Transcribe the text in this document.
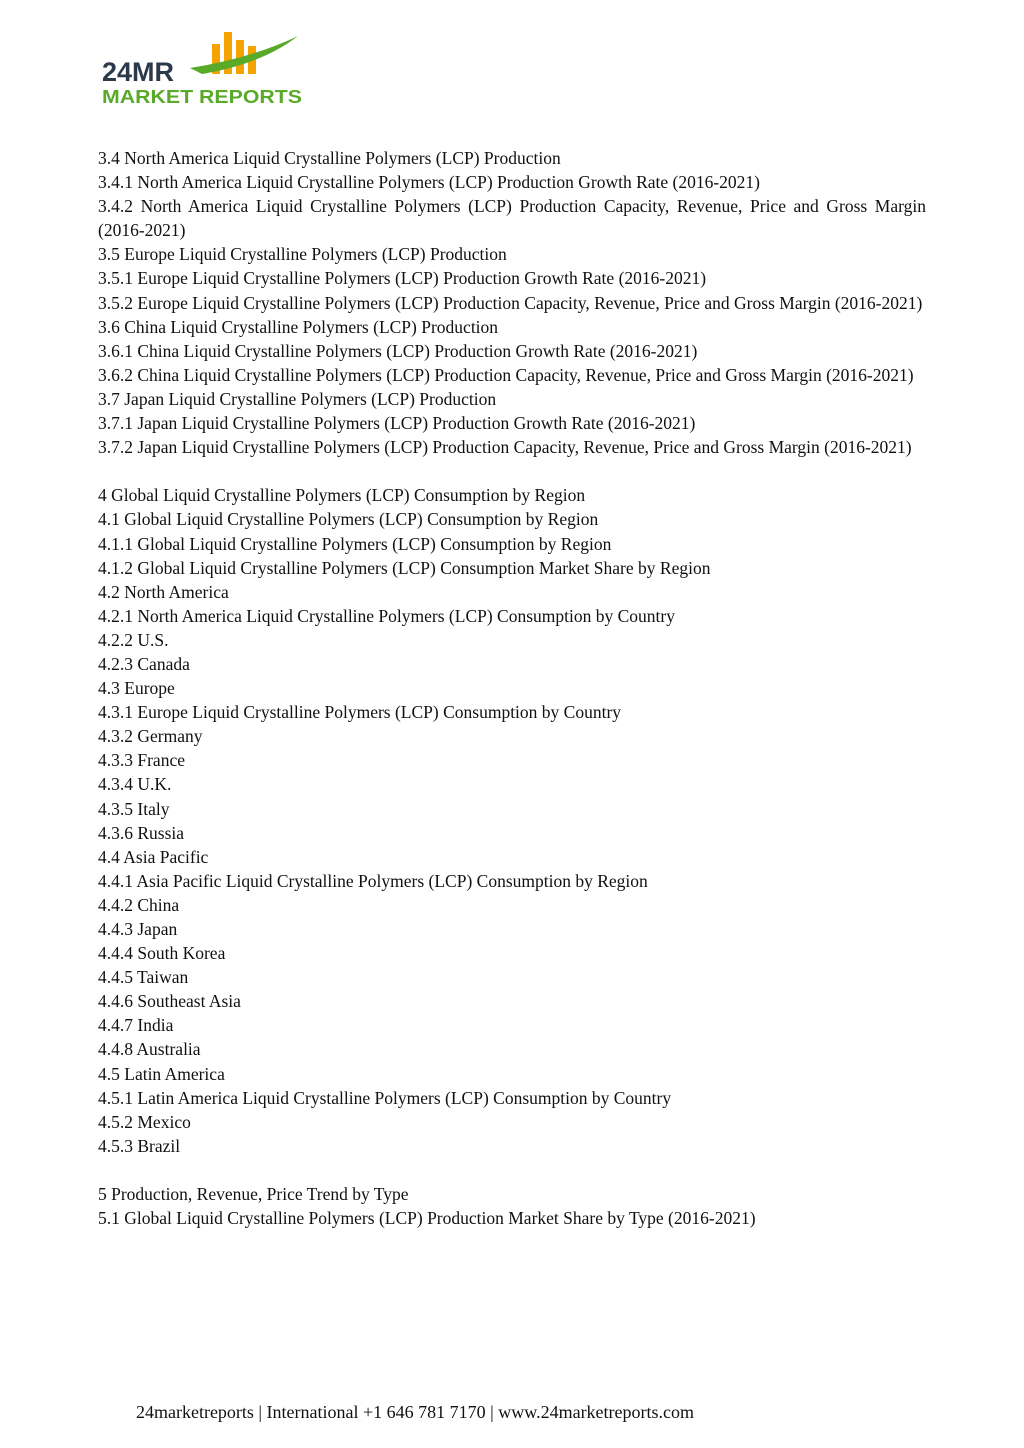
24MR
MARKET REPORTS
3.4 North America Liquid Crystalline Polymers (LCP) Production
3.4.1 North America Liquid Crystalline Polymers (LCP) Production Growth Rate (2016-2021)
3.4.2 North America Liquid Crystalline Polymers (LCP) Production Capacity, Revenue, Price and Gross Margin (2016-2021)
3.5 Europe Liquid Crystalline Polymers (LCP) Production
3.5.1 Europe Liquid Crystalline Polymers (LCP) Production Growth Rate (2016-2021)
3.5.2 Europe Liquid Crystalline Polymers (LCP) Production Capacity, Revenue, Price and Gross Margin (2016-2021)
3.6 China Liquid Crystalline Polymers (LCP) Production
3.6.1 China Liquid Crystalline Polymers (LCP) Production Growth Rate (2016-2021)
3.6.2 China Liquid Crystalline Polymers (LCP) Production Capacity, Revenue, Price and Gross Margin (2016-2021)
3.7 Japan Liquid Crystalline Polymers (LCP) Production
3.7.1 Japan Liquid Crystalline Polymers (LCP) Production Growth Rate (2016-2021)
3.7.2 Japan Liquid Crystalline Polymers (LCP) Production Capacity, Revenue, Price and Gross Margin (2016-2021)
4 Global Liquid Crystalline Polymers (LCP) Consumption by Region
4.1 Global Liquid Crystalline Polymers (LCP) Consumption by Region
4.1.1 Global Liquid Crystalline Polymers (LCP) Consumption by Region
4.1.2 Global Liquid Crystalline Polymers (LCP) Consumption Market Share by Region
4.2 North America
4.2.1 North America Liquid Crystalline Polymers (LCP) Consumption by Country
4.2.2 U.S.
4.2.3 Canada
4.3 Europe
4.3.1 Europe Liquid Crystalline Polymers (LCP) Consumption by Country
4.3.2 Germany
4.3.3 France
4.3.4 U.K.
4.3.5 Italy
4.3.6 Russia
4.4 Asia Pacific
4.4.1 Asia Pacific Liquid Crystalline Polymers (LCP) Consumption by Region
4.4.2 China
4.4.3 Japan
4.4.4 South Korea
4.4.5 Taiwan
4.4.6 Southeast Asia
4.4.7 India
4.4.8 Australia
4.5 Latin America
4.5.1 Latin America Liquid Crystalline Polymers (LCP) Consumption by Country
4.5.2 Mexico
4.5.3 Brazil
5 Production, Revenue, Price Trend by Type
5.1 Global Liquid Crystalline Polymers (LCP) Production Market Share by Type (2016-2021)
24marketreports | International +1 646 781 7170 | www.24marketreports.com
